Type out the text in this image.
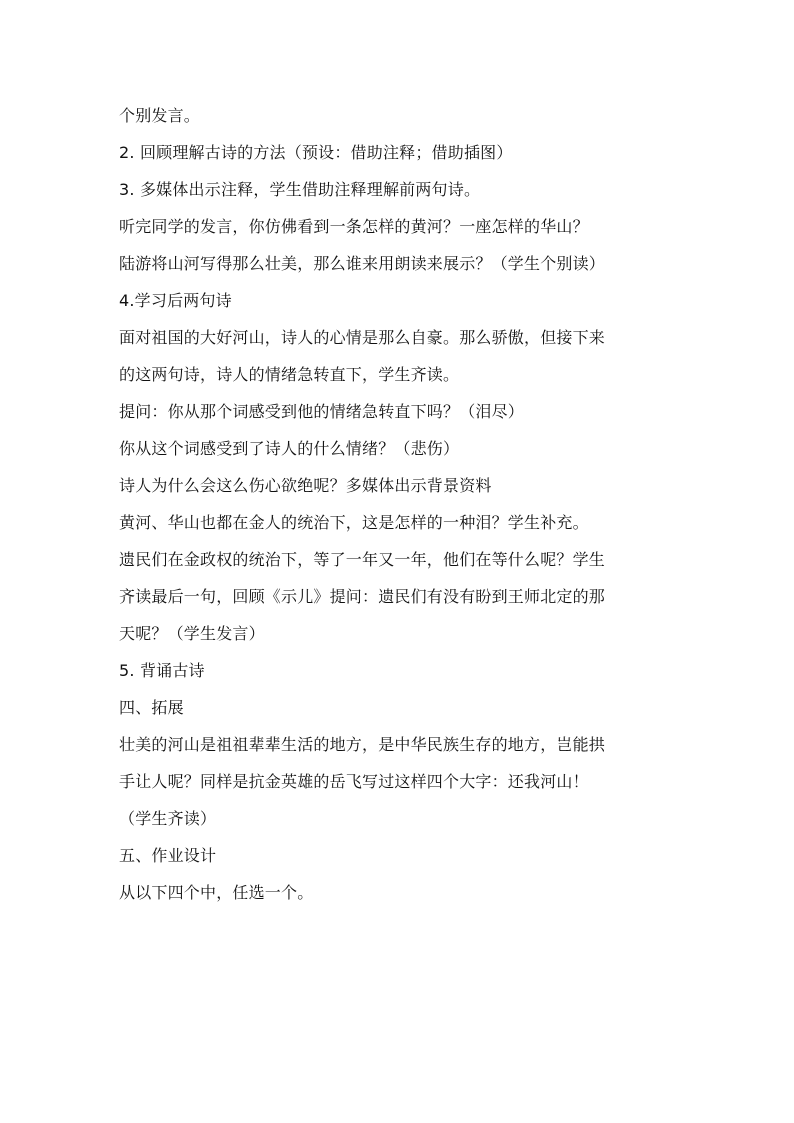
个别发言。
2. 回顾理解古诗的方法（预设：借助注释；借助插图）
3. 多媒体出示注释，学生借助注释理解前两句诗。
听完同学的发言，你仿佛看到一条怎样的黄河？一座怎样的华山？
陆游将山河写得那么壮美，那么谁来用朗读来展示？（学生个别读）
4.学习后两句诗
面对祖国的大好河山，诗人的心情是那么自豪。那么骄傲，但接下来
的这两句诗，诗人的情绪急转直下，学生齐读。
提问：你从那个词感受到他的情绪急转直下吗？（泪尽）
你从这个词感受到了诗人的什么情绪？（悲伤）
诗人为什么会这么伤心欲绝呢？多媒体出示背景资料
黄河、华山也都在金人的统治下，这是怎样的一种泪？学生补充。
遗民们在金政权的统治下，等了一年又一年，他们在等什么呢？学生
齐读最后一句，回顾《示儿》提问：遗民们有没有盼到王师北定的那
天呢？（学生发言）
5. 背诵古诗
四、拓展
壮美的河山是祖祖辈辈生活的地方，是中华民族生存的地方，岂能拱
手让人呢？同样是抗金英雄的岳飞写过这样四个大字：还我河山！
（学生齐读）
五、作业设计
从以下四个中，任选一个。
